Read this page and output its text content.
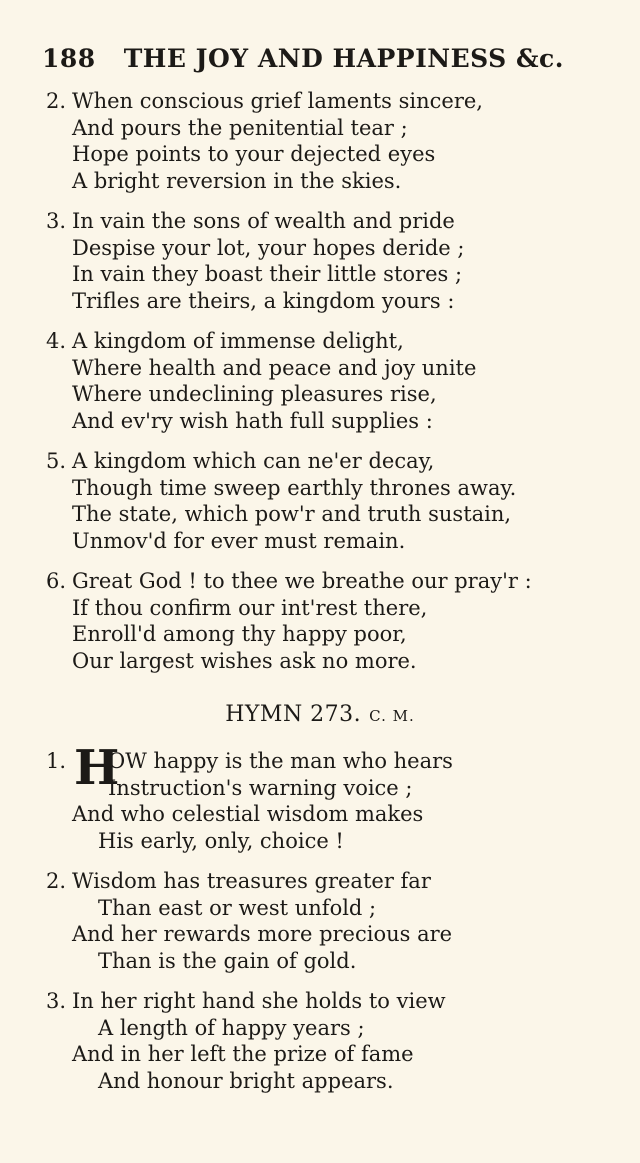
188 THE JOY AND HAPPINESS &c.
2. When conscious grief laments sincere,
And pours the penitential tear ;
Hope points to your dejected eyes
A bright reversion in the skies.
3. In vain the sons of wealth and pride
Despise your lot, your hopes deride ;
In vain they boast their little stores ;
Trifles are theirs, a kingdom yours :
4. A kingdom of immense delight,
Where health and peace and joy unite
Where undeclining pleasures rise,
And ev'ry wish hath full supplies :
5. A kingdom which can ne'er decay,
Though time sweep earthly thrones away.
The state, which pow'r and truth sustain,
Unmov'd for ever must remain.
6. Great God ! to thee we breathe our pray'r :
If thou confirm our int'rest there,
Enroll'd among thy happy poor,
Our largest wishes ask no more.
HYMN 273. C. M.
H
1.	OW happy is the man who hears
Instruction's warning voice ;
And who celestial wisdom makes
His early, only, choice !
2. Wisdom has treasures greater far
Than east or west unfold ;
And her rewards more precious are
Than is the gain of gold.
3. In her right hand she holds to view
A length of happy years ;
And in her left the prize of fame
And honour bright appears.
